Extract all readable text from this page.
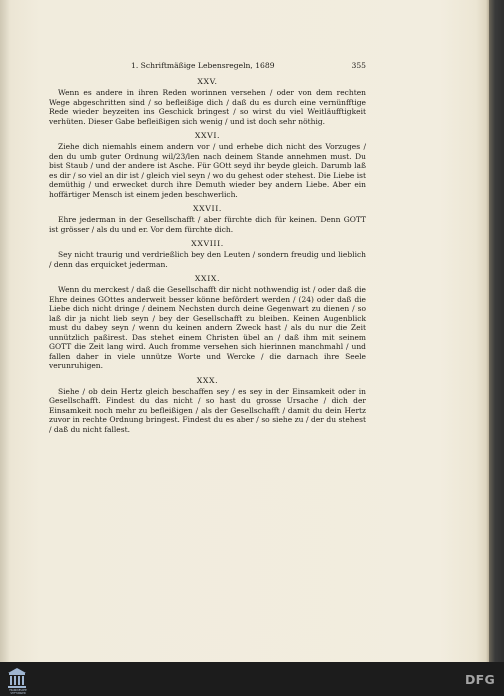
1. Schriftmäßige Lebensregeln, 1689	355
XXV.

Wenn es andere in ihren Reden worinnen versehen / oder von dem rechten Wege abgeschritten sind / so befleißige dich / daß du es durch eine vernünfftige Rede wieder beyzeiten ins Geschick bringest / so wirst du viel Weitläufftigkeit verhüten. Dieser Gabe befleißigen sich wenig / und ist doch sehr nöthig.

XXVI.

Ziehe dich niemahls einem andern vor / und erhebe dich nicht des Vorzuges / den du umb guter Ordnung wil/23/len nach deinem Stande annehmen must. Du bist Staub / und der andere ist Asche. Für GOtt seyd ihr beyde gleich. Darumb laß es dir / so viel an dir ist / gleich viel seyn / wo du gehest oder stehest. Die Liebe ist demüthig / und erwecket durch ihre Demuth wieder bey andern Liebe. Aber ein hoffärtiger Mensch ist einem jeden beschwerlich.

XXVII.

Ehre jederman in der Gesellschafft / aber fürchte dich für keinen. Denn GOTT ist grösser / als du und er. Vor dem fürchte dich.

XXVIII.

Sey nicht traurig und verdrießlich bey den Leuten / sondern freudig und lieblich / denn das erquicket jederman.

XXIX.

Wenn du merckest / daß die Gesellschafft dir nicht nothwendig ist / oder daß die Ehre deines GOttes anderweit besser könne befördert werden / (24) oder daß die Liebe dich nicht dringe / deinem Nechsten durch deine Gegenwart zu dienen / so laß dir ja nicht lieb seyn / bey der Gesellschafft zu bleiben. Keinen Augenblick must du dabey seyn / wenn du keinen andern Zweck hast / als du nur die Zeit unnützlich paßirest. Das stehet einem Christen übel an / daß ihm mit seinem GOTT die Zeit lang wird. Auch fromme versehen sich hierinnen manchmahl / und fallen daher in viele unnütze Worte und Wercke / die darnach ihre Seele verunruhigen.

XXX.

Siehe / ob dein Hertz gleich beschaffen sey / es sey in der Einsamkeit oder in Gesellschafft. Findest du das nicht / so hast du grosse Ursache / dich der Einsamkeit noch mehr zu befleißigen / als der Gesellschafft / damit du dein Hertz zuvor in rechte Ordnung bringest. Findest du es aber / so siehe zu / der du stehest / daß du nicht fallest.

FRANCKESCHE STIFTUNGEN
DFG
